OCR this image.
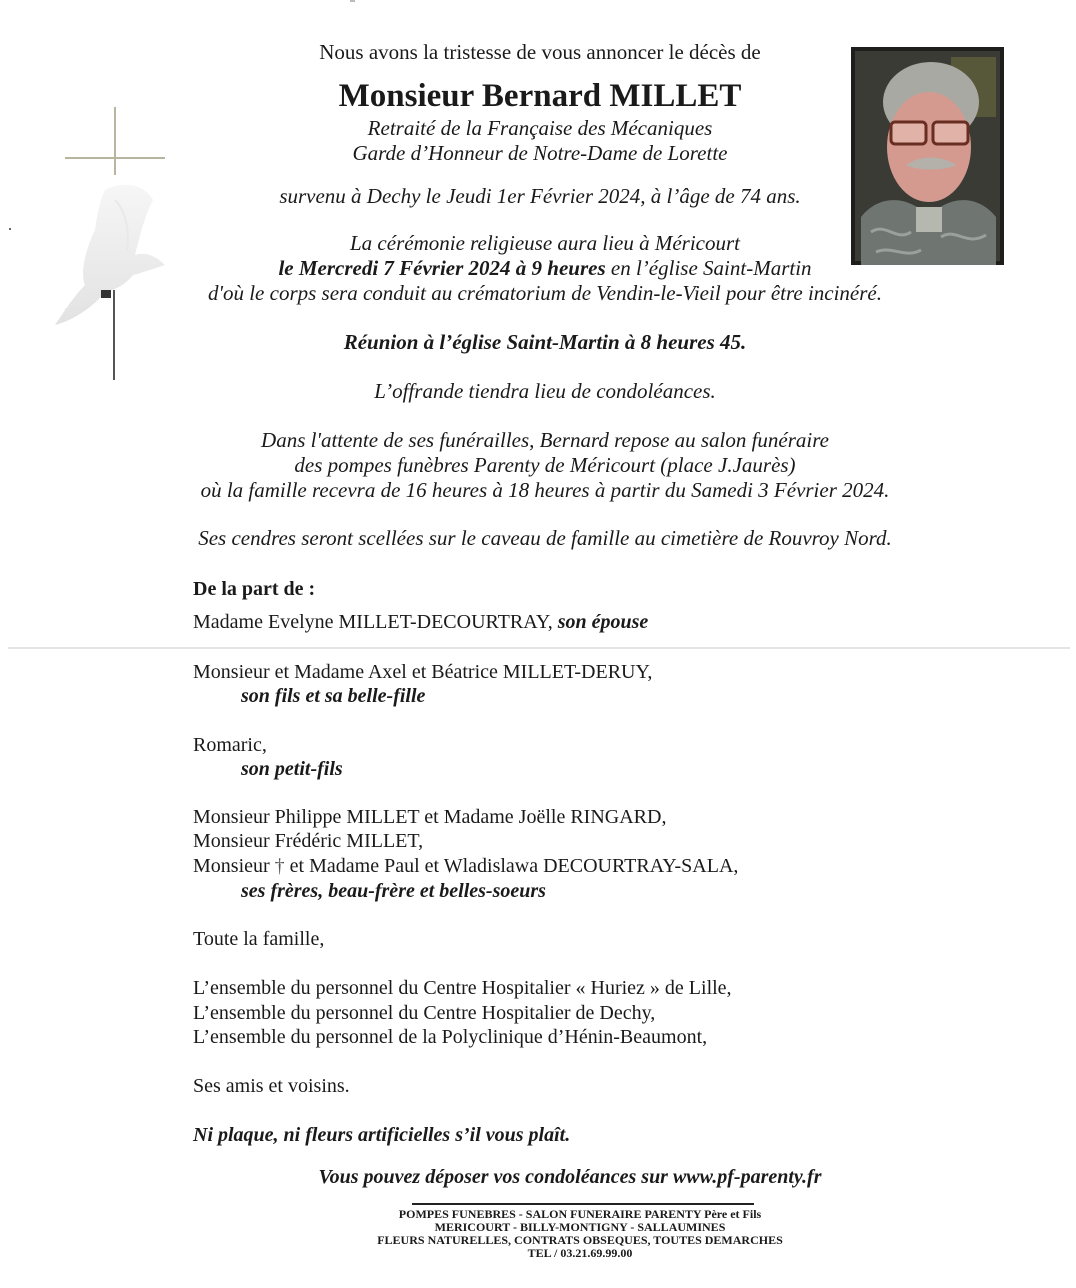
Nous avons la tristesse de vous annoncer le décès de
Monsieur Bernard MILLET
Retraité de la Française des Mécaniques
Garde d’Honneur de Notre-Dame de Lorette
survenu à Dechy le Jeudi 1er Février 2024, à l’âge de 74 ans.
La cérémonie religieuse aura lieu à Méricourt
le Mercredi 7 Février 2024 à 9 heures en l’église Saint-Martin
d'où le corps sera conduit au crématorium de Vendin-le-Vieil pour être incinéré.
Réunion à l’église Saint-Martin à 8 heures 45.
L’offrande tiendra lieu de condoléances.
Dans l'attente de ses funérailles, Bernard repose au salon funéraire
des pompes funèbres Parenty de Méricourt (place J.Jaurès)
où la famille recevra de 16 heures à 18 heures à partir du Samedi 3 Février 2024.
Ses cendres seront scellées sur le caveau de famille au cimetière de Rouvroy Nord.
De la part de :
Madame Evelyne MILLET-DECOURTRAY, son épouse
Monsieur et Madame Axel et Béatrice MILLET-DERUY,
son fils et sa belle-fille
Romaric,
son petit-fils
Monsieur Philippe MILLET et Madame Joëlle RINGARD,
Monsieur Frédéric MILLET,
Monsieur † et Madame Paul et Wladislawa DECOURTRAY-SALA,
ses frères, beau-frère et belles-soeurs
Toute la famille,
L’ensemble du personnel du Centre Hospitalier « Huriez » de Lille,
L’ensemble du personnel du Centre Hospitalier de Dechy,
L’ensemble du personnel de la Polyclinique d’Hénin-Beaumont,
Ses amis et voisins.
Ni plaque, ni fleurs artificielles s’il vous plaît.
Vous pouvez déposer vos condoléances sur www.pf-parenty.fr
POMPES FUNEBRES - SALON FUNERAIRE PARENTY Père et Fils
MERICOURT - BILLY-MONTIGNY - SALLAUMINES
FLEURS NATURELLES, CONTRATS OBSEQUES, TOUTES DEMARCHES
TEL / 03.21.69.99.00
